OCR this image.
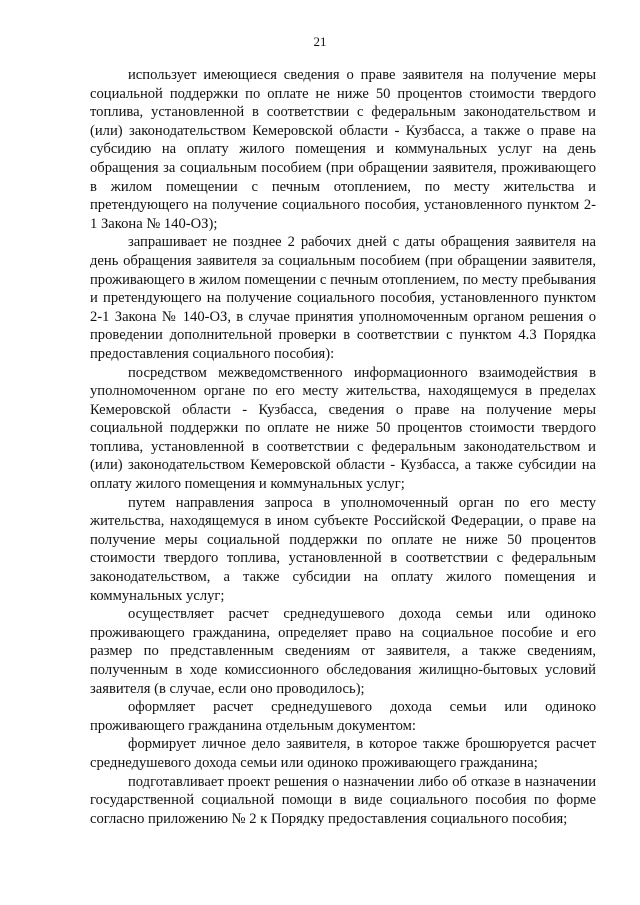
21

использует имеющиеся сведения о праве заявителя на получение меры социальной поддержки по оплате не ниже 50 процентов стоимости твердого топлива, установленной в соответствии с федеральным законодательством и (или) законодательством Кемеровской области - Кузбасса, а также о праве на субсидию на оплату жилого помещения и коммунальных услуг на день обращения за социальным пособием (при обращении заявителя, проживающего в жилом помещении с печным отоплением, по месту жительства и претендующего на получение социального пособия, установленного пунктом 2-1 Закона № 140-ОЗ);

запрашивает не позднее 2 рабочих дней с даты обращения заявителя на день обращения заявителя за социальным пособием (при обращении заявителя, проживающего в жилом помещении с печным отоплением, по месту пребывания и претендующего на получение социального пособия, установленного пунктом 2-1 Закона № 140-ОЗ, в случае принятия уполномоченным органом решения о проведении дополнительной проверки в соответствии с пунктом 4.3 Порядка предоставления социального пособия):

посредством межведомственного информационного взаимодействия в уполномоченном органе по его месту жительства, находящемуся в пределах Кемеровской области - Кузбасса, сведения о праве на получение меры социальной поддержки по оплате не ниже 50 процентов стоимости твердого топлива, установленной в соответствии с федеральным законодательством и (или) законодательством Кемеровской области - Кузбасса, а также субсидии на оплату жилого помещения и коммунальных услуг;

путем направления запроса в уполномоченный орган по его месту жительства, находящемуся в ином субъекте Российской Федерации, о праве на получение меры социальной поддержки по оплате не ниже 50 процентов стоимости твердого топлива, установленной в соответствии с федеральным законодательством, а также субсидии на оплату жилого помещения и коммунальных услуг;

осуществляет расчет среднедушевого дохода семьи или одиноко проживающего гражданина, определяет право на социальное пособие и его размер по представленным сведениям от заявителя, а также сведениям, полученным в ходе комиссионного обследования жилищно-бытовых условий заявителя (в случае, если оно проводилось);

оформляет расчет среднедушевого дохода семьи или одиноко проживающего гражданина отдельным документом:

формирует личное дело заявителя, в которое также брошюруется расчет среднедушевого дохода семьи или одиноко проживающего гражданина;

подготавливает проект решения о назначении либо об отказе в назначении государственной социальной помощи в виде социального пособия по форме согласно приложению № 2 к Порядку предоставления социального пособия;
